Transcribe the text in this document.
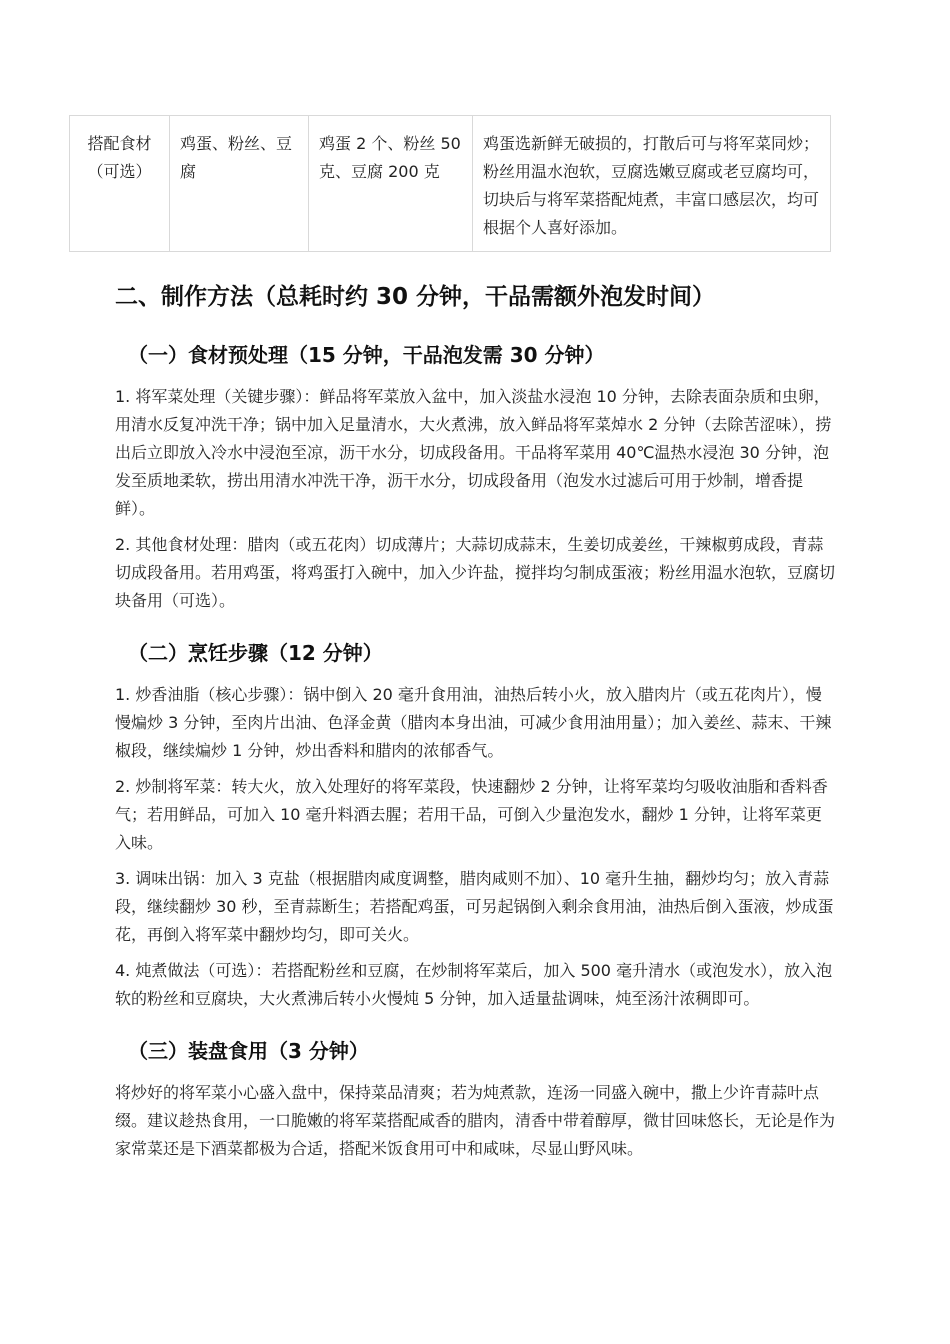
搭配食材（可选）	鸡蛋、粉丝、豆腐	鸡蛋 2 个、粉丝 50 克、豆腐 200 克	鸡蛋选新鲜无破损的，打散后可与将军菜同炒；粉丝用温水泡软，豆腐选嫩豆腐或老豆腐均可，切块后与将军菜搭配炖煮，丰富口感层次，均可根据个人喜好添加。
二、制作方法（总耗时约 30 分钟，干品需额外泡发时间）
（一）食材预处理（15 分钟，干品泡发需 30 分钟）

1. 将军菜处理（关键步骤）：鲜品将军菜放入盆中，加入淡盐水浸泡 10 分钟，去除表面杂质和虫卵，用清水反复冲洗干净；锅中加入足量清水，大火煮沸，放入鲜品将军菜焯水 2 分钟（去除苦涩味），捞出后立即放入冷水中浸泡至凉，沥干水分，切成段备用。干品将军菜用 40℃温热水浸泡 30 分钟，泡发至质地柔软，捞出用清水冲洗干净，沥干水分，切成段备用（泡发水过滤后可用于炒制，增香提鲜）。

2. 其他食材处理：腊肉（或五花肉）切成薄片；大蒜切成蒜末，生姜切成姜丝，干辣椒剪成段，青蒜切成段备用。若用鸡蛋，将鸡蛋打入碗中，加入少许盐，搅拌均匀制成蛋液；粉丝用温水泡软，豆腐切块备用（可选）。

（二）烹饪步骤（12 分钟）

1. 炒香油脂（核心步骤）：锅中倒入 20 毫升食用油，油热后转小火，放入腊肉片（或五花肉片），慢慢煸炒 3 分钟，至肉片出油、色泽金黄（腊肉本身出油，可减少食用油用量）；加入姜丝、蒜末、干辣椒段，继续煸炒 1 分钟，炒出香料和腊肉的浓郁香气。

2. 炒制将军菜：转大火，放入处理好的将军菜段，快速翻炒 2 分钟，让将军菜均匀吸收油脂和香料香气；若用鲜品，可加入 10 毫升料酒去腥；若用干品，可倒入少量泡发水，翻炒 1 分钟，让将军菜更入味。

3. 调味出锅：加入 3 克盐（根据腊肉咸度调整，腊肉咸则不加）、10 毫升生抽，翻炒均匀；放入青蒜段，继续翻炒 30 秒，至青蒜断生；若搭配鸡蛋，可另起锅倒入剩余食用油，油热后倒入蛋液，炒成蛋花，再倒入将军菜中翻炒均匀，即可关火。

4. 炖煮做法（可选）：若搭配粉丝和豆腐，在炒制将军菜后，加入 500 毫升清水（或泡发水），放入泡软的粉丝和豆腐块，大火煮沸后转小火慢炖 5 分钟，加入适量盐调味，炖至汤汁浓稠即可。

（三）装盘食用（3 分钟）

将炒好的将军菜小心盛入盘中，保持菜品清爽；若为炖煮款，连汤一同盛入碗中，撒上少许青蒜叶点缀。建议趁热食用，一口脆嫩的将军菜搭配咸香的腊肉，清香中带着醇厚，微甘回味悠长，无论是作为家常菜还是下酒菜都极为合适，搭配米饭食用可中和咸味，尽显山野风味。
